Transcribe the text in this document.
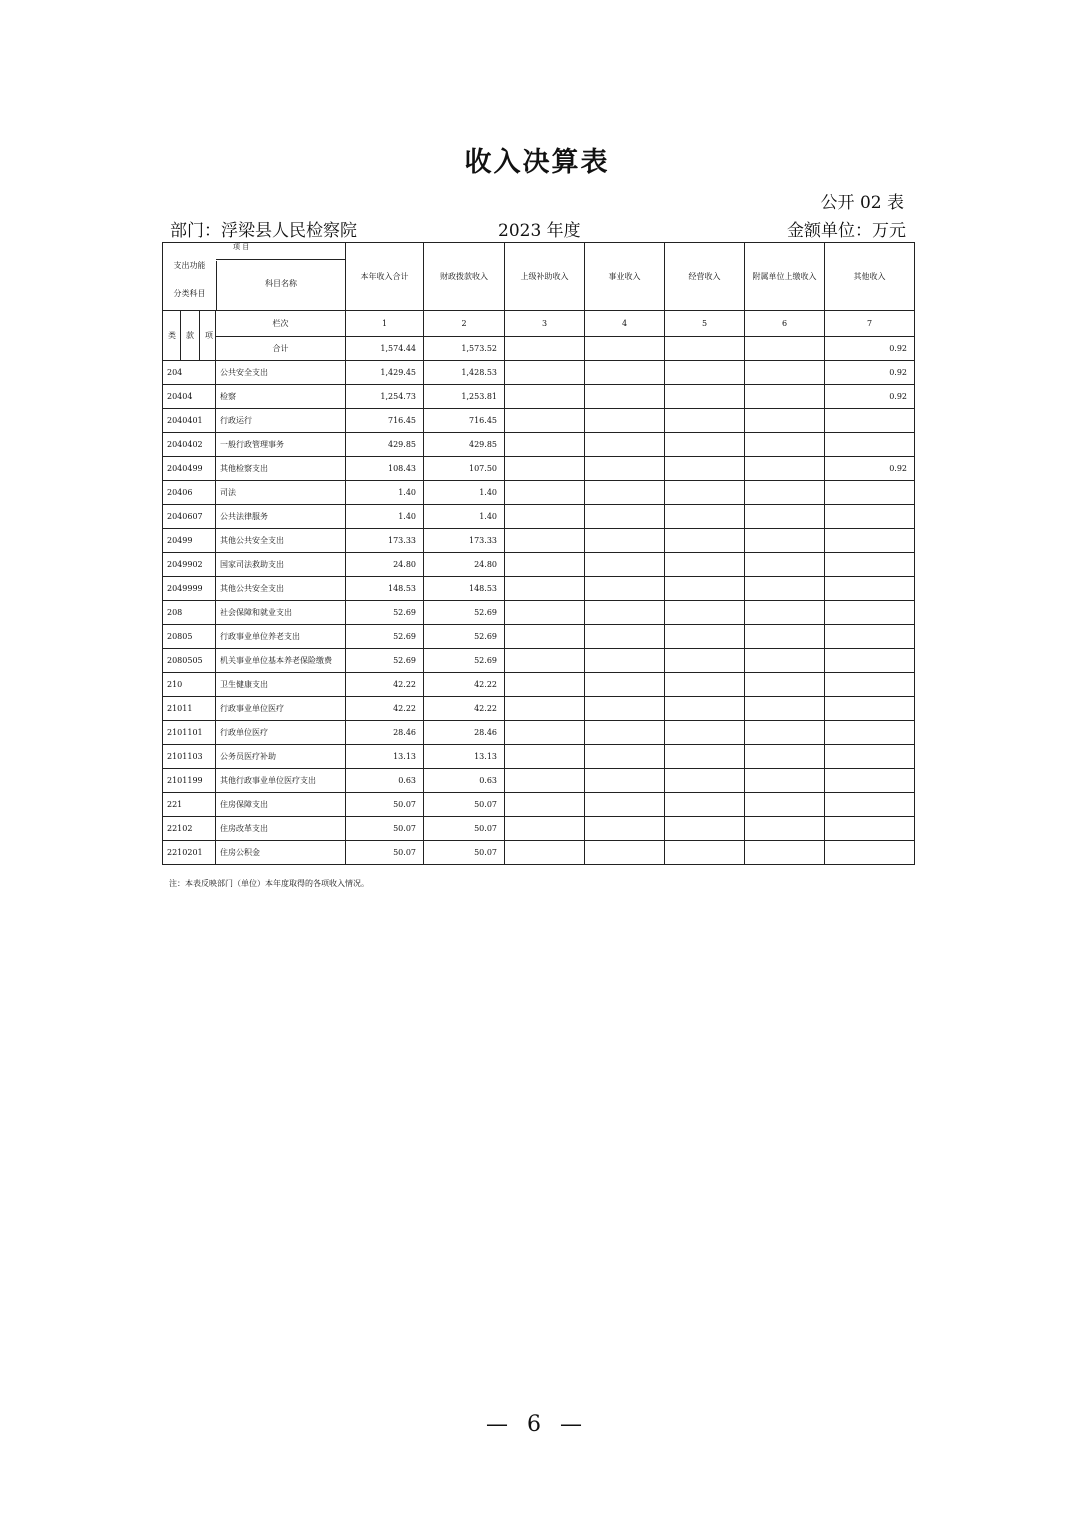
收入决算表
公开 02 表
部门：浮梁县人民检察院	2023 年度	金额单位：万元
项 目
支出功能
分类科目
科目名称		本年收入合计	财政拨款收入	上级补助收入	事业收入	经营收入	附属单位上缴收入	其他收入

类 款 项	栏次	1	2	3	4	5	6	7
	合计	1,574.44	1,573.52					0.92
204	公共安全支出	1,429.45	1,428.53					0.92
20404	检察	1,254.73	1,253.81					0.92
2040401	行政运行	716.45	716.45					
2040402	一般行政管理事务	429.85	429.85					
2040499	其他检察支出	108.43	107.50					0.92
20406	司法	1.40	1.40					
2040607	公共法律服务	1.40	1.40					
20499	其他公共安全支出	173.33	173.33					
2049902	国家司法救助支出	24.80	24.80					
2049999	其他公共安全支出	148.53	148.53					
208	社会保障和就业支出	52.69	52.69					
20805	行政事业单位养老支出	52.69	52.69					
2080505	机关事业单位基本养老保险缴费	52.69	52.69					
210	卫生健康支出	42.22	42.22					
21011	行政事业单位医疗	42.22	42.22					
2101101	行政单位医疗	28.46	28.46					
2101103	公务员医疗补助	13.13	13.13					
2101199	其他行政事业单位医疗支出	0.63	0.63					
221	住房保障支出	50.07	50.07					
22102	住房改革支出	50.07	50.07					
2210201	住房公积金	50.07	50.07					
注：本表反映部门（单位）本年度取得的各项收入情况。
— 6 —
